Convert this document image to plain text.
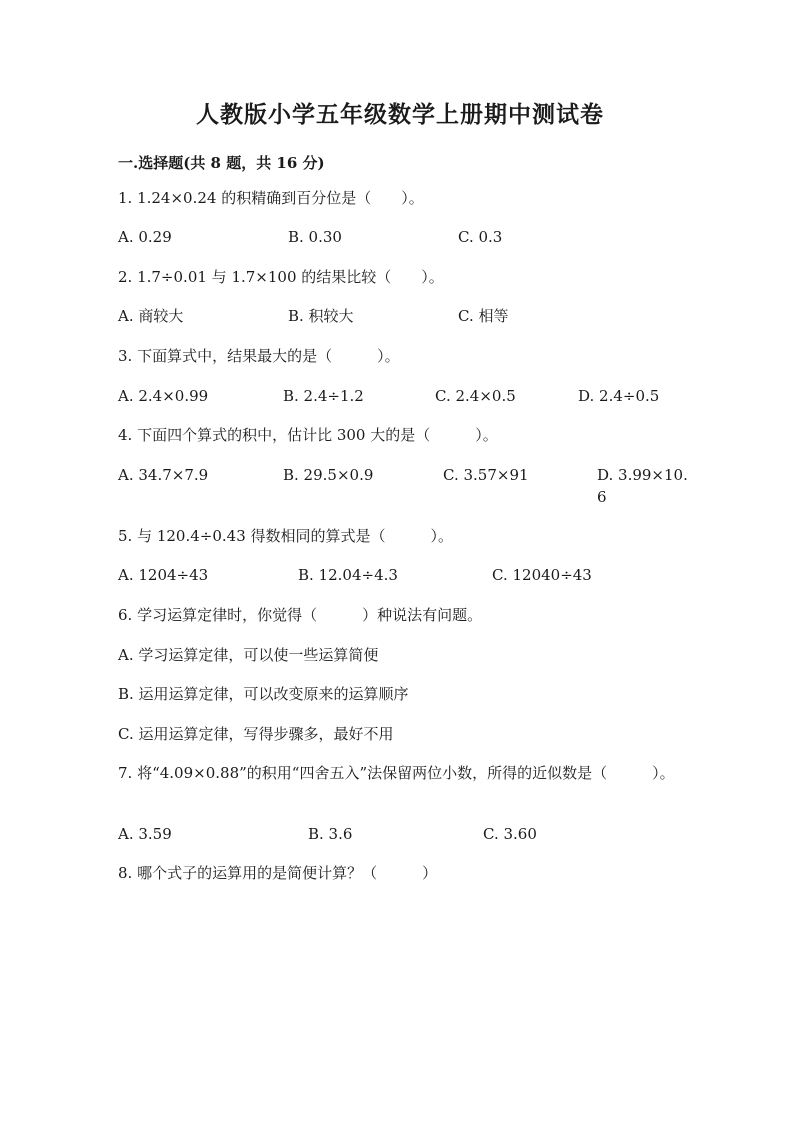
人教版小学五年级数学上册期中测试卷
一.选择题(共 8 题，共 16 分)
1. 1.24×0.24 的积精确到百分位是（　　）。
A. 0.29	B. 0.30	C. 0.3
2. 1.7÷0.01 与 1.7×100 的结果比较（　　）。
A. 商较大	B. 积较大	C. 相等
3. 下面算式中，结果最大的是（　　　）。
A. 2.4×0.99	B. 2.4÷1.2	C. 2.4×0.5	D. 2.4÷0.5
4. 下面四个算式的积中，估计比 300 大的是（　　　）。
A. 34.7×7.9	B. 29.5×0.9	C. 3.57×91	D. 3.99×10.6
5. 与 120.4÷0.43 得数相同的算式是（　　　）。
A. 1204÷43	B. 12.04÷4.3	C. 12040÷43
6. 学习运算定律时，你觉得（　　　）种说法有问题。
A. 学习运算定律，可以使一些运算简便
B. 运用运算定律，可以改变原来的运算顺序
C. 运用运算定律，写得步骤多，最好不用
7. 将“4.09×0.88”的积用“四舍五入”法保留两位小数，所得的近似数是（　　　）。
A. 3.59	B. 3.6	C. 3.60
8. 哪个式子的运算用的是简便计算？（　　　）
